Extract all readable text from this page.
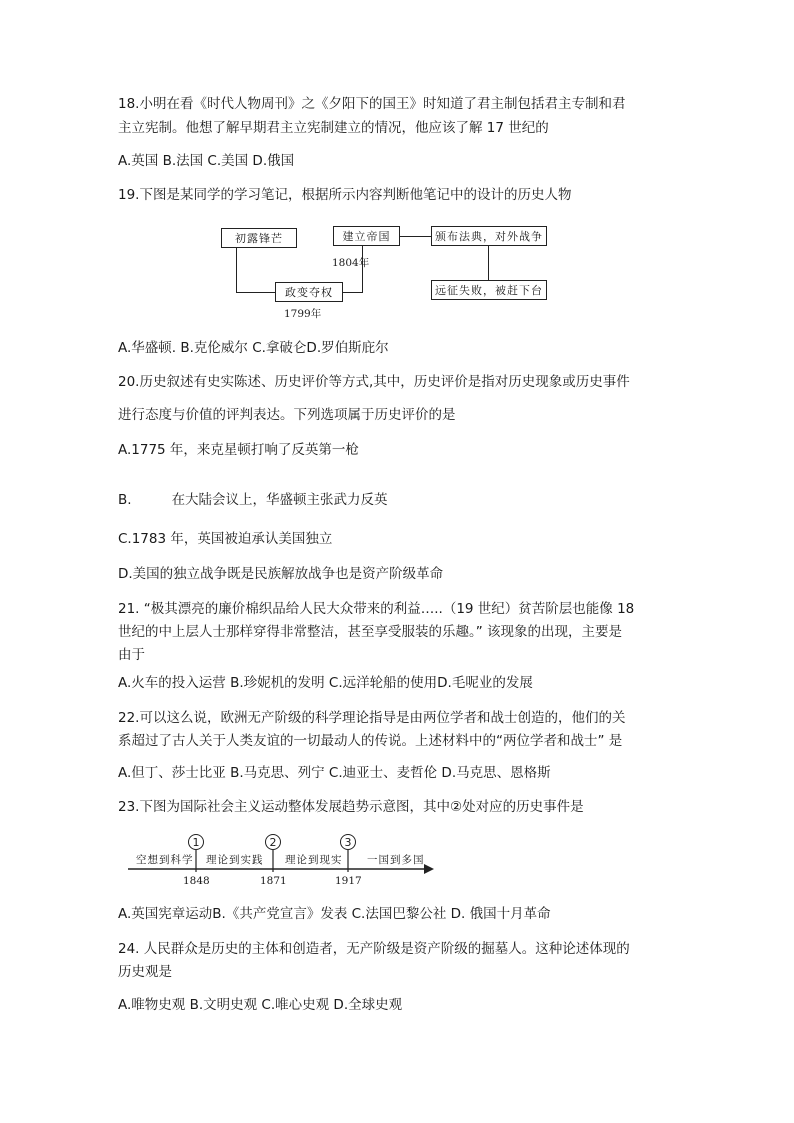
18.小明在看《时代人物周刊》之《夕阳下的国王》时知道了君主制包括君主专制和君
主立宪制。他想了解早期君主立宪制建立的情况，他应该了解 17 世纪的
A.英国 B.法国 C.美国 D.俄国
19.下图是某同学的学习笔记，根据所示内容判断他笔记中的设计的历史人物
初露锋芒	建立帝国	颁布法典，对外战争
政变夺权	远征失败，被赶下台
1804年
1799年
A.华盛顿. B.克伦威尔 C.拿破仑D.罗伯斯庇尔
20.历史叙述有史实陈述、历史评价等方式,其中，历史评价是指对历史现象或历史事件
进行态度与价值的评判表达。下列选项属于历史评价的是
A.1775 年，来克星顿打响了反英第一枪
B.	在大陆会议上，华盛顿主张武力反英
C.1783 年，英国被迫承认美国独立
D.美国的独立战争既是民族解放战争也是资产阶级革命
21. “极其漂亮的廉价棉织品给人民大众带来的利益…..（19 世纪）贫苦阶层也能像 18
世纪的中上层人士那样穿得非常整洁，甚至享受服装的乐趣。” 该现象的出现，主要是
由于
A.火车的投入运营 B.珍妮机的发明 C.远洋轮船的使用D.毛呢业的发展
22.可以这么说，欧洲无产阶级的科学理论指导是由两位学者和战士创造的，他们的关
系超过了古人关于人类友谊的一切最动人的传说。上述材料中的“两位学者和战士” 是
A.但丁、莎士比亚 B.马克思、列宁 C.迪亚士、麦哲伦 D.马克思、恩格斯
23.下图为国际社会主义运动整体发展趋势示意图，其中②处对应的历史事件是
1	2	3
空想到科学 理论到实践 理论到现实 一国到多国
1848	1871	1917
A.英国宪章运动B.《共产党宣言》发表 C.法国巴黎公社 D. 俄国十月革命
24. 人民群众是历史的主体和创造者，无产阶级是资产阶级的掘墓人。这种论述体现的
历史观是
A.唯物史观 B.文明史观 C.唯心史观 D.全球史观
